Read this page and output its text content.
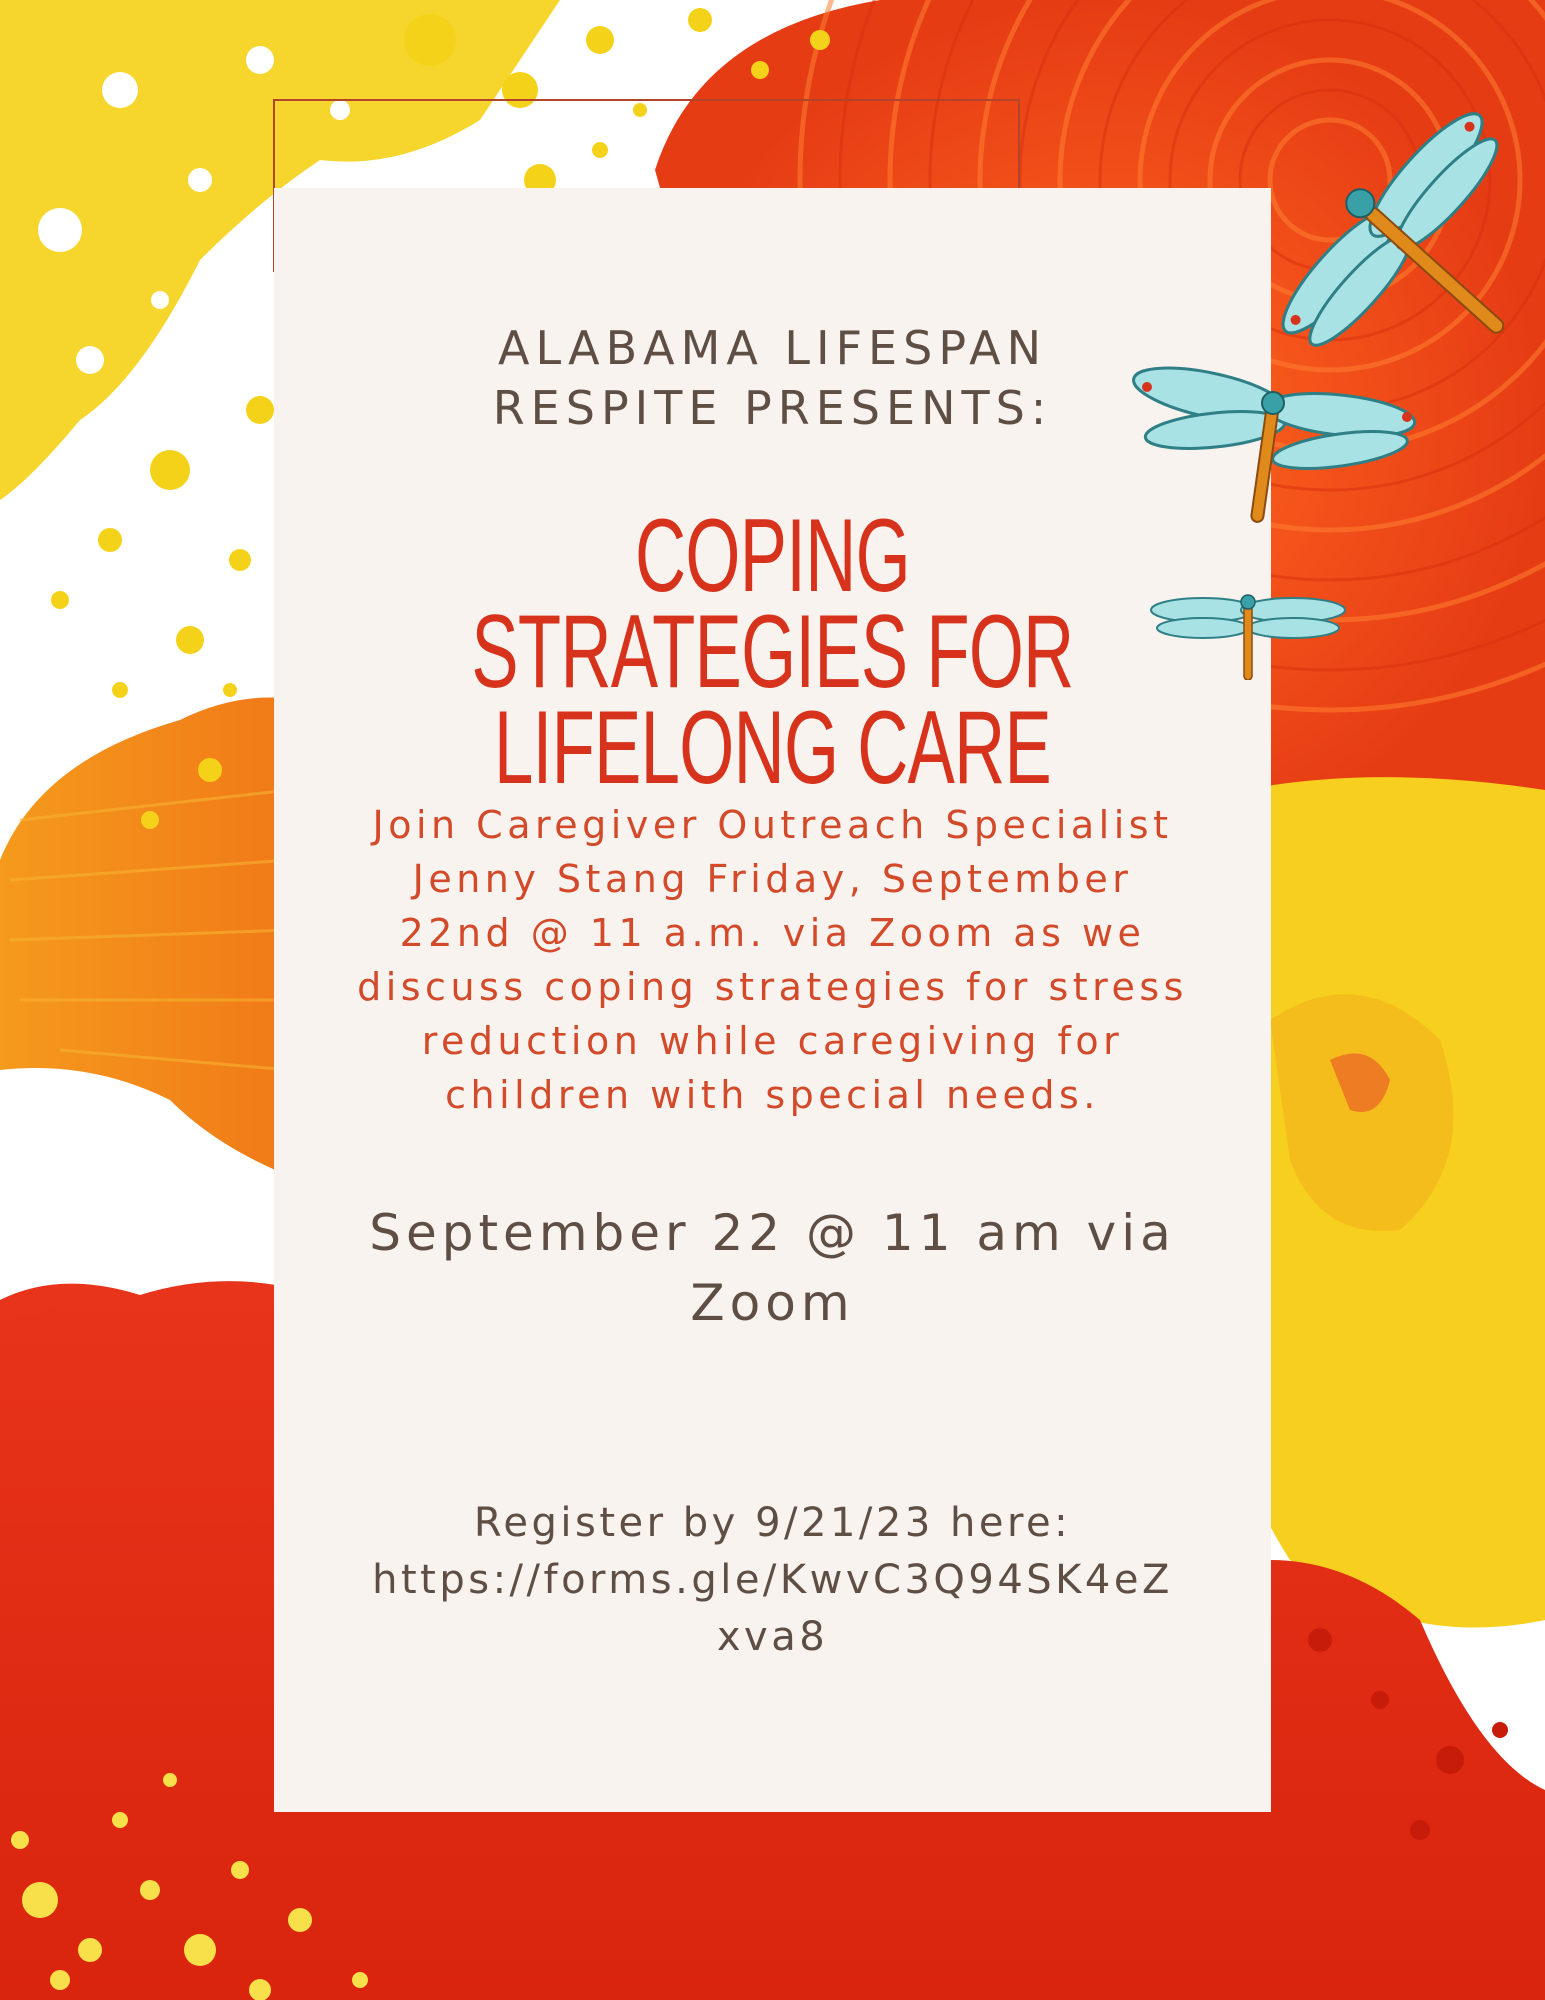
ALABAMA LIFESPAN
RESPITE PRESENTS:
COPING STRATEGIES FOR
LIFELONG CARE
Join Caregiver Outreach Specialist
Jenny Stang Friday, September
22nd @ 11 a.m. via Zoom as we
discuss coping strategies for stress
reduction while caregiving for
children with special needs.
September 22 @ 11 am via
Zoom
Register by 9/21/23 here:
https://forms.gle/KwvC3Q94SK4eZ
xva8
